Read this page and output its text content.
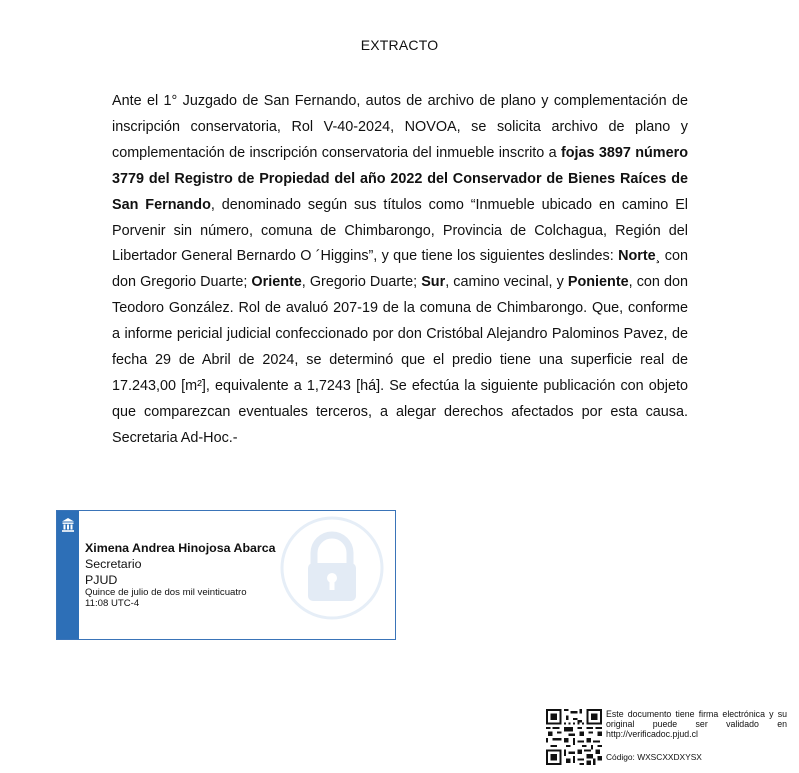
EXTRACTO
Ante el 1° Juzgado de San Fernando, autos de archivo de plano y complementación de inscripción conservatoria, Rol V-40-2024, NOVOA, se solicita archivo de plano y complementación de inscripción conservatoria del inmueble inscrito a fojas 3897 número 3779 del Registro de Propiedad del año 2022 del Conservador de Bienes Raíces de San Fernando, denominado según sus títulos como “Inmueble ubicado en camino El Porvenir sin número, comuna de Chimbarongo, Provincia de Colchagua, Región del Libertador General Bernardo O ´Higgins”, y que tiene los siguientes deslindes: Norte¸ con don Gregorio Duarte; Oriente, Gregorio Duarte; Sur, camino vecinal, y Poniente, con don Teodoro González. Rol de avaluó 207-19 de la comuna de Chimbarongo. Que, conforme a informe pericial judicial confeccionado por don Cristóbal Alejandro Palominos Pavez, de fecha 29 de Abril de 2024, se determinó que el predio tiene una superficie real de 17.243,00 [m²], equivalente a 1,7243 [há]. Se efectúa la siguiente publicación con objeto que comparezcan eventuales terceros, a alegar derechos afectados por esta causa. Secretaria Ad-Hoc.-
Ximena Andrea Hinojosa Abarca
Secretario
PJUD
Quince de julio de dos mil veinticuatro
11:08 UTC-4
Este documento tiene firma electrónica y su original puede ser validado en http://verificadoc.pjud.cl
Código: WXSCXXDXYSX
